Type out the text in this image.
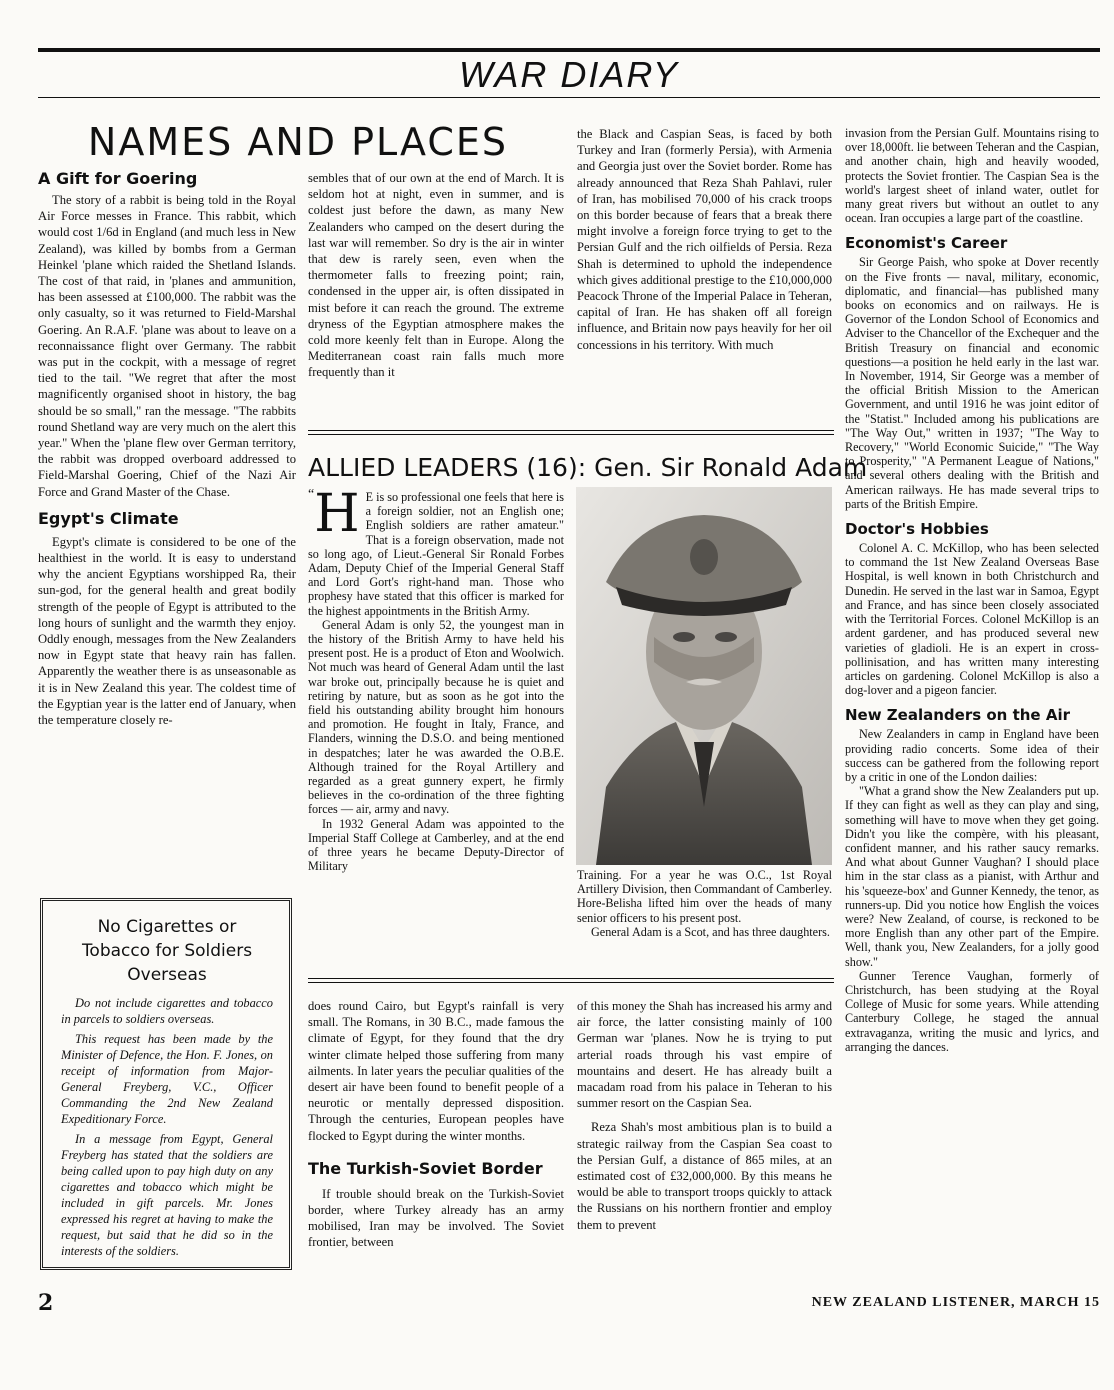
WAR DIARY
NAMES AND PLACES
A Gift for Goering

The story of a rabbit is being told in the Royal Air Force messes in France. This rabbit, which would cost 1/6d in England (and much less in New Zealand), was killed by bombs from a German Heinkel 'plane which raided the Shetland Islands. The cost of that raid, in 'planes and ammunition, has been assessed at £100,000. The rabbit was the only casualty, so it was returned to Field-Marshal Goering. An R.A.F. 'plane was about to leave on a reconnaissance flight over Germany. The rabbit was put in the cockpit, with a message of regret tied to the tail. "We regret that after the most magnificently organised shoot in history, the bag should be so small," ran the message. "The rabbits round Shetland way are very much on the alert this year." When the 'plane flew over German territory, the rabbit was dropped overboard addressed to Field-Marshal Goering, Chief of the Nazi Air Force and Grand Master of the Chase.

Egypt's Climate

Egypt's climate is considered to be one of the healthiest in the world. It is easy to understand why the ancient Egyptians worshipped Ra, their sun-god, for the general health and great bodily strength of the people of Egypt is attributed to the long hours of sunlight and the warmth they enjoy. Oddly enough, messages from the New Zealanders now in Egypt state that heavy rain has fallen. Apparently the weather there is as unseasonable as it is in New Zealand this year. The coldest time of the Egyptian year is the latter end of January, when the temperature closely re-

sembles that of our own at the end of March. It is seldom hot at night, even in summer, and is coldest just before the dawn, as many New Zealanders who camped on the desert during the last war will remember. So dry is the air in winter that dew is rarely seen, even when the thermometer falls to freezing point; rain, condensed in the upper air, is often dissipated in mist before it can reach the ground. The extreme dryness of the Egyptian atmosphere makes the cold more keenly felt than in Europe. Along the Mediterranean coast rain falls much more frequently than it

the Black and Caspian Seas, is faced by both Turkey and Iran (formerly Persia), with Armenia and Georgia just over the Soviet border. Rome has already announced that Reza Shah Pahlavi, ruler of Iran, has mobilised 70,000 of his crack troops on this border because of fears that a break there might involve a foreign force trying to get to the Persian Gulf and the rich oilfields of Persia. Reza Shah is determined to uphold the independence which gives additional prestige to the £10,000,000 Peacock Throne of the Imperial Palace in Teheran, capital of Iran. He has shaken off all foreign influence, and Britain now pays heavily for her oil concessions in his territory. With much

ALLIED LEADERS (16): Gen. Sir Ronald Adam

“ H E is so professional one feels that here is a foreign soldier, not an English one; English soldiers are rather amateur." That is a foreign observation, made not so long ago, of Lieut.-General Sir Ronald Forbes Adam, Deputy Chief of the Imperial General Staff and Lord Gort's right-hand man. Those who prophesy have stated that this officer is marked for the highest appointments in the British Army.

General Adam is only 52, the youngest man in the history of the British Army to have held his present post. He is a product of Eton and Woolwich. Not much was heard of General Adam until the last war broke out, principally because he is quiet and retiring by nature, but as soon as he got into the field his outstanding ability brought him honours and promotion. He fought in Italy, France, and Flanders, winning the D.S.O. and being mentioned in despatches; later he was awarded the O.B.E. Although trained for the Royal Artillery and regarded as a great gunnery expert, he firmly believes in the co-ordination of the three fighting forces — air, army and navy.

In 1932 General Adam was appointed to the Imperial Staff College at Camberley, and at the end of three years he became Deputy-Director of Military

Training. For a year he was O.C., 1st Royal Artillery Division, then Commandant of Camberley. Hore-Belisha lifted him over the heads of many senior officers to his present post.

General Adam is a Scot, and has three daughters.

No Cigarettes or Tobacco for Soldiers Overseas

Do not include cigarettes and tobacco in parcels to soldiers overseas.

This request has been made by the Minister of Defence, the Hon. F. Jones, on receipt of information from Major-General Freyberg, V.C., Officer Commanding the 2nd New Zealand Expeditionary Force.

In a message from Egypt, General Freyberg has stated that the soldiers are being called upon to pay high duty on any cigarettes and tobacco which might be included in gift parcels. Mr. Jones expressed his regret at having to make the request, but said that he did so in the interests of the soldiers.

does round Cairo, but Egypt's rainfall is very small. The Romans, in 30 B.C., made famous the climate of Egypt, for they found that the dry winter climate helped those suffering from many ailments. In later years the peculiar qualities of the desert air have been found to benefit people of a neurotic or mentally depressed disposition. Through the centuries, European peoples have flocked to Egypt during the winter months.

The Turkish-Soviet Border

If trouble should break on the Turkish-Soviet border, where Turkey already has an army mobilised, Iran may be involved. The Soviet frontier, between

of this money the Shah has increased his army and air force, the latter consisting mainly of 100 German war 'planes. Now he is trying to put arterial roads through his vast empire of mountains and desert. He has already built a macadam road from his palace in Teheran to his summer resort on the Caspian Sea.

Reza Shah's most ambitious plan is to build a strategic railway from the Caspian Sea coast to the Persian Gulf, a distance of 865 miles, at an estimated cost of £32,000,000. By this means he would be able to transport troops quickly to attack the Russians on his northern frontier and employ them to prevent

invasion from the Persian Gulf. Mountains rising to over 18,000ft. lie between Teheran and the Caspian, and another chain, high and heavily wooded, protects the Soviet frontier. The Caspian Sea is the world's largest sheet of inland water, outlet for many great rivers but without an outlet to any ocean. Iran occupies a large part of the coastline.

Economist's Career

Sir George Paish, who spoke at Dover recently on the Five fronts — naval, military, economic, diplomatic, and financial—has published many books on economics and on railways. He is Governor of the London School of Economics and Adviser to the Chancellor of the Exchequer and the British Treasury on financial and economic questions—a position he held early in the last war. In November, 1914, Sir George was a member of the official British Mission to the American Government, and until 1916 he was joint editor of the "Statist." Included among his publications are "The Way Out," written in 1937; "The Way to Recovery," "World Economic Suicide," "The Way to Prosperity," "A Permanent League of Nations," and several others dealing with the British and American railways. He has made several trips to parts of the British Empire.

Doctor's Hobbies

Colonel A. C. McKillop, who has been selected to command the 1st New Zealand Overseas Base Hospital, is well known in both Christchurch and Dunedin. He served in the last war in Samoa, Egypt and France, and has since been closely associated with the Territorial Forces. Colonel McKillop is an ardent gardener, and has produced several new varieties of gladioli. He is an expert in cross-pollinisation, and has written many interesting articles on gardening. Colonel McKillop is also a dog-lover and a pigeon fancier.

New Zealanders on the Air

New Zealanders in camp in England have been providing radio concerts. Some idea of their success can be gathered from the following report by a critic in one of the London dailies:

"What a grand show the New Zealanders put up. If they can fight as well as they can play and sing, something will have to move when they get going. Didn't you like the compère, with his pleasant, confident manner, and his rather saucy remarks. And what about Gunner Vaughan? I should place him in the star class as a pianist, with Arthur and his 'squeeze-box' and Gunner Kennedy, the tenor, as runners-up. Did you notice how English the voices were? New Zealand, of course, is reckoned to be more English than any other part of the Empire. Well, thank you, New Zealanders, for a jolly good show."

Gunner Terence Vaughan, formerly of Christchurch, has been studying at the Royal College of Music for some years. While attending Canterbury College, he staged the annual extravaganza, writing the music and lyrics, and arranging the dances.

2	NEW ZEALAND LISTENER, MARCH 15
